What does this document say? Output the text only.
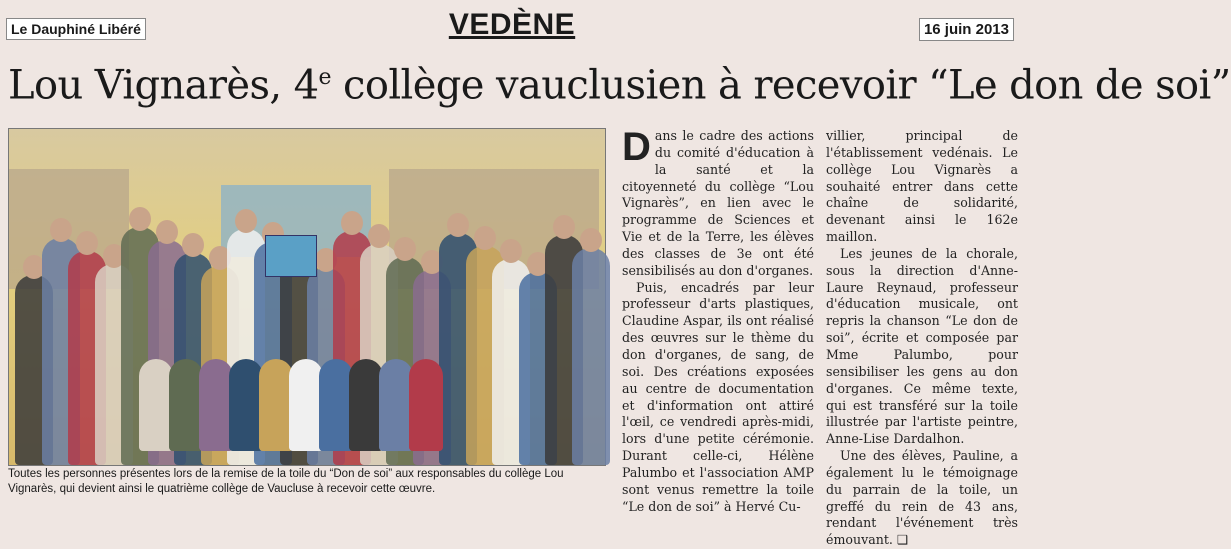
Le Dauphiné Libéré	VEDÈNE	16 juin 2013
Lou Vignarès, 4e collège vauclusien à recevoir “Le don de soi”
Toutes les personnes présentes lors de la remise de la toile du “Don de soi” aux responsables du collège Lou Vignarès, qui devient ainsi le quatrième collège de Vaucluse à recevoir cette œuvre.

Dans le cadre des actions du comité d'éducation à la santé et la citoyenneté du collège “Lou Vignarès”, en lien avec le programme de Sciences et Vie et de la Terre, les élèves des classes de 3e ont été sensibilisés au don d'organes.

Puis, encadrés par leur professeur d'arts plastiques, Claudine Aspar, ils ont réalisé des œuvres sur le thème du don d'organes, de sang, de soi. Des créations exposées au centre de documentation et d'information ont attiré l'œil, ce vendredi après-midi, lors d'une petite cérémonie. Durant celle-ci, Hélène Palumbo et l'association AMP sont venus remettre la toile “Le don de soi” à Hervé Cu-

villier, principal de l'établissement vedénais. Le collège Lou Vignarès a souhaité entrer dans cette chaîne de solidarité, devenant ainsi le 162e maillon.

Les jeunes de la chorale, sous la direction d'Anne-Laure Reynaud, professeur d'éducation musicale, ont repris la chanson “Le don de soi”, écrite et composée par Mme Palumbo, pour sensibiliser les gens au don d'organes. Ce même texte, qui est transféré sur la toile illustrée par l'artiste peintre, Anne-Lise Dardalhon.

Une des élèves, Pauline, a également lu le témoignage du parrain de la toile, un greffé du rein de 43 ans, rendant l'événement très émouvant. ❑
